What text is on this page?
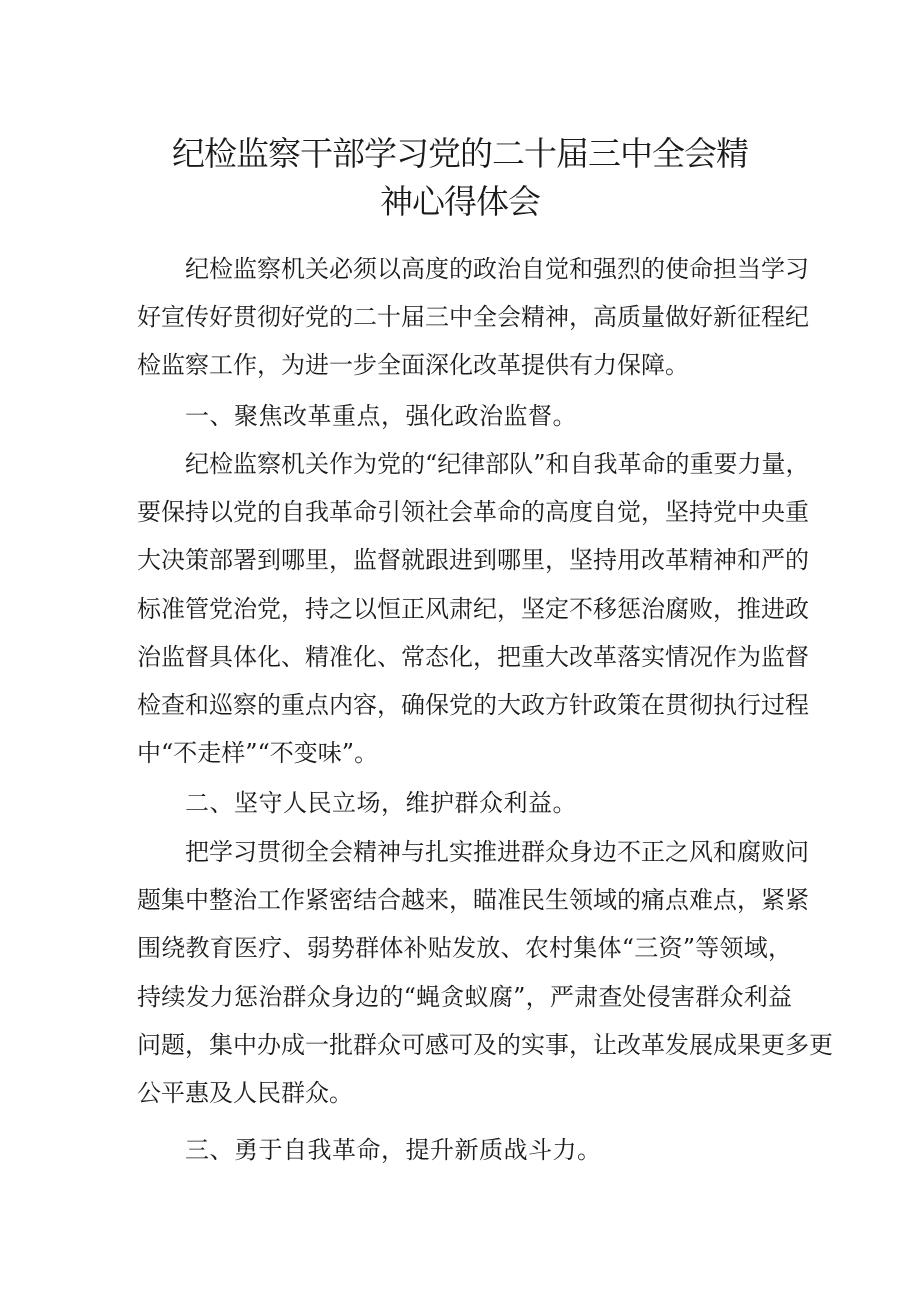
纪检监察干部学习党的二十届三中全会精
神心得体会

纪检监察机关必须以高度的政治自觉和强烈的使命担当学习

好宣传好贯彻好党的二十届三中全会精神，高质量做好新征程纪

检监察工作，为进一步全面深化改革提供有力保障。

一、聚焦改革重点，强化政治监督。

纪检监察机关作为党的“纪律部队”和自我革命的重要力量，

要保持以党的自我革命引领社会革命的高度自觉，坚持党中央重

大决策部署到哪里，监督就跟进到哪里，坚持用改革精神和严的

标准管党治党，持之以恒正风肃纪，坚定不移惩治腐败，推进政

治监督具体化、精准化、常态化，把重大改革落实情况作为监督

检查和巡察的重点内容，确保党的大政方针政策在贯彻执行过程

中“不走样”“不变味”。

二、坚守人民立场，维护群众利益。

把学习贯彻全会精神与扎实推进群众身边不正之风和腐败问

题集中整治工作紧密结合越来，瞄准民生领域的痛点难点，紧紧

围绕教育医疗、弱势群体补贴发放、农村集体“三资”等领域，

持续发力惩治群众身边的“蝇贪蚁腐”，严肃查处侵害群众利益

问题，集中办成一批群众可感可及的实事，让改革发展成果更多更

公平惠及人民群众。

三、勇于自我革命，提升新质战斗力。
